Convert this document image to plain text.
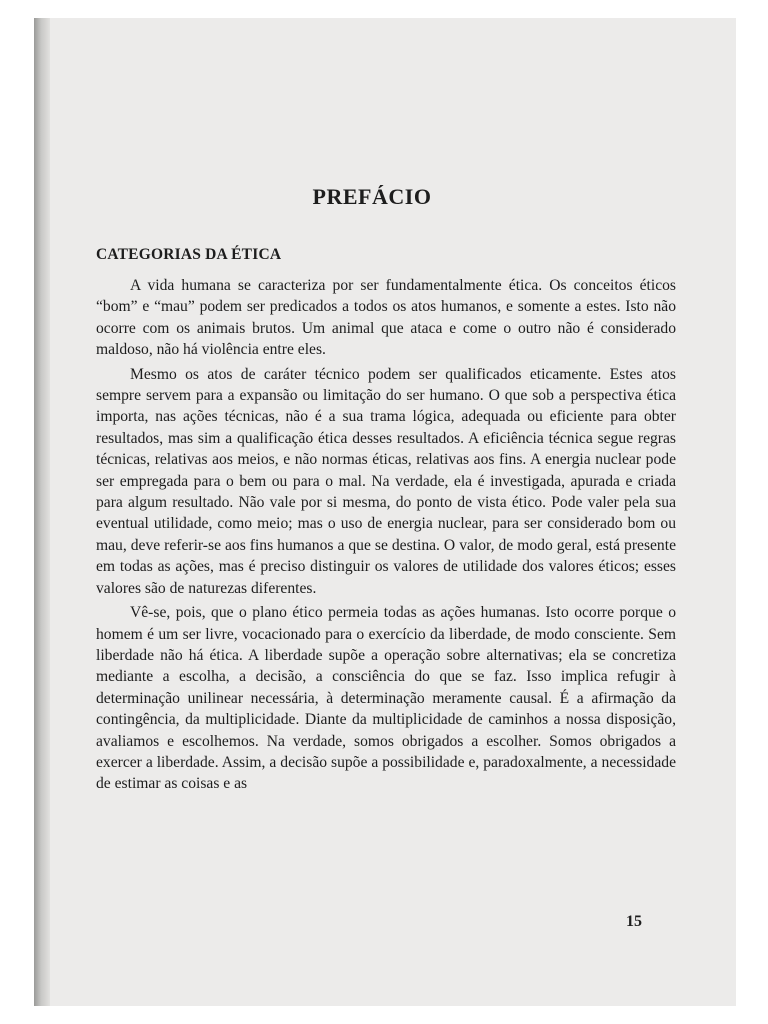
PREFÁCIO
CATEGORIAS DA ÉTICA

A vida humana se caracteriza por ser fundamentalmente ética. Os conceitos éticos “bom” e “mau” podem ser predicados a todos os atos humanos, e somente a estes. Isto não ocorre com os animais brutos. Um animal que ataca e come o outro não é considerado maldoso, não há violência entre eles.

Mesmo os atos de caráter técnico podem ser qualificados eticamente. Estes atos sempre servem para a expansão ou limitação do ser humano. O que sob a perspectiva ética importa, nas ações técnicas, não é a sua trama lógica, adequada ou eficiente para obter resultados, mas sim a qualificação ética desses resultados. A eficiência técnica segue regras técnicas, relativas aos meios, e não normas éticas, relativas aos fins. A energia nuclear pode ser empregada para o bem ou para o mal. Na verdade, ela é investigada, apurada e criada para algum resultado. Não vale por si mesma, do ponto de vista ético. Pode valer pela sua eventual utilidade, como meio; mas o uso de energia nuclear, para ser considerado bom ou mau, deve referir-se aos fins humanos a que se destina. O valor, de modo geral, está presente em todas as ações, mas é preciso distinguir os valores de utilidade dos valores éticos; esses valores são de naturezas diferentes.

Vê-se, pois, que o plano ético permeia todas as ações humanas. Isto ocorre porque o homem é um ser livre, vocacionado para o exercício da liberdade, de modo consciente. Sem liberdade não há ética. A liberdade supõe a operação sobre alternativas; ela se concretiza mediante a escolha, a decisão, a consciência do que se faz. Isso implica refugir à determinação unilinear necessária, à determinação meramente causal. É a afirmação da contingência, da multiplicidade. Diante da multiplicidade de caminhos a nossa disposição, avaliamos e escolhemos. Na verdade, somos obrigados a escolher. Somos obrigados a exercer a liberdade. Assim, a decisão supõe a possibilidade e, paradoxalmente, a necessidade de estimar as coisas e as

15
